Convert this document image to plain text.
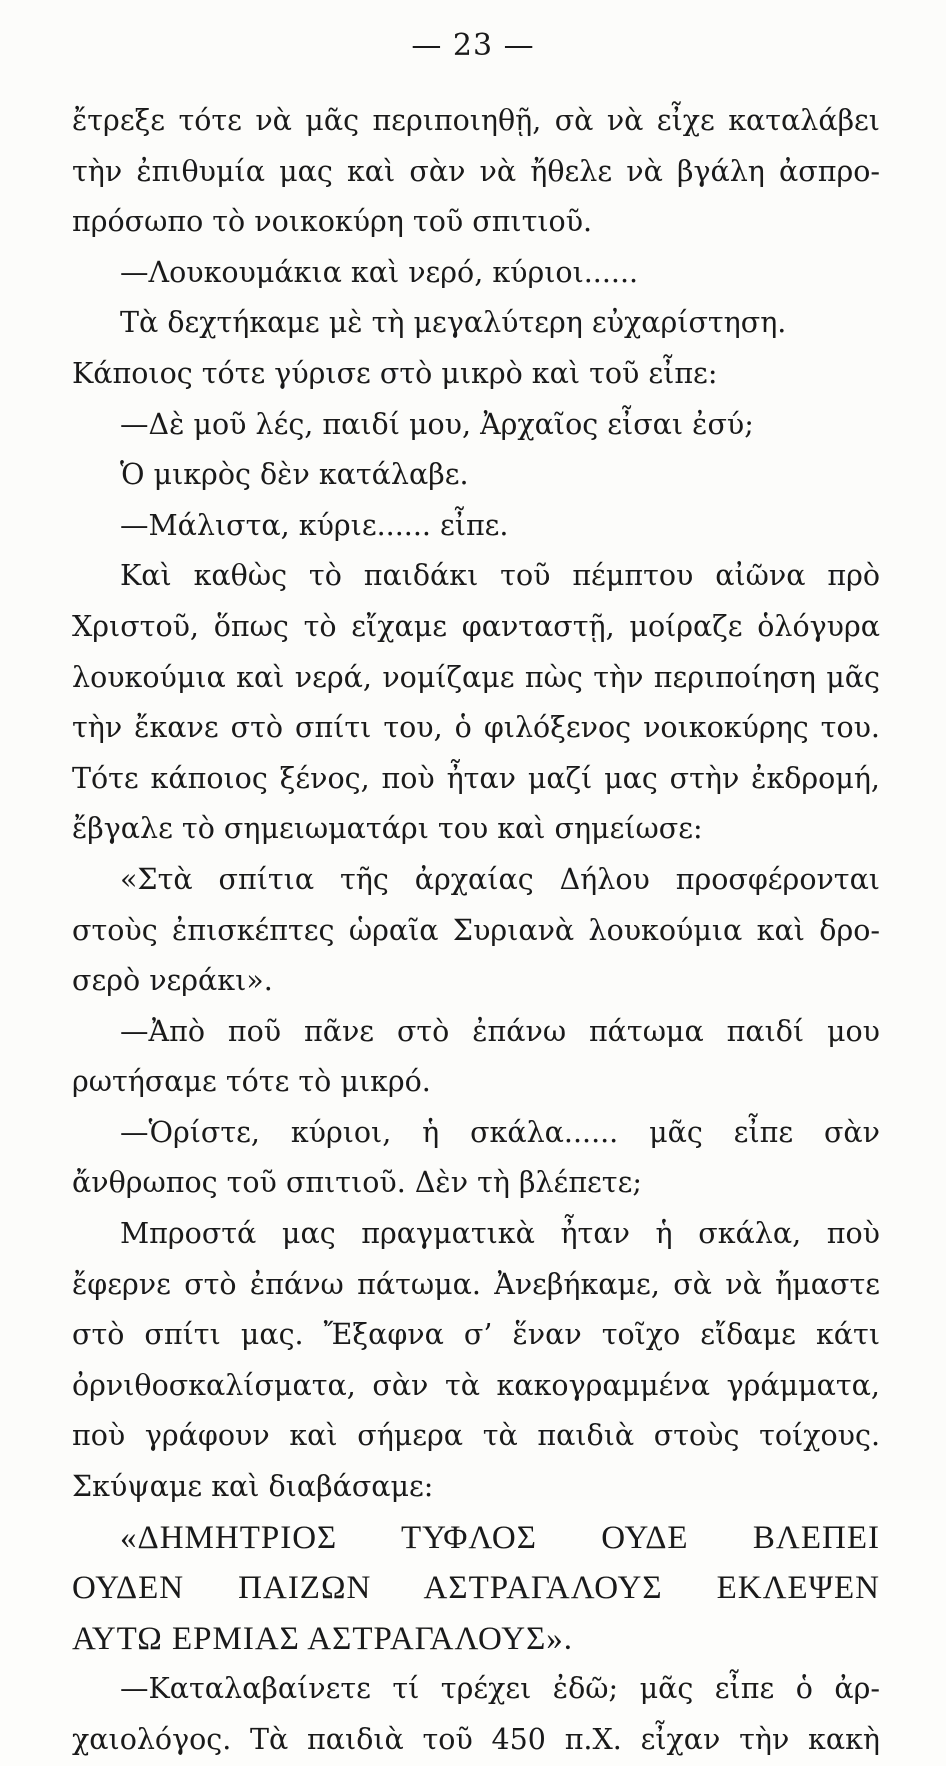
— 23 —
ἔτρεξε τότε νὰ μᾶς περιποιηθῇ, σὰ νὰ εἶχε καταλάβει
τὴν ἐπιθυμία μας καὶ σὰν νὰ ἤθελε νὰ βγάλη ἀσπρο-
πρόσωπο τὸ νοικοκύρη τοῦ σπιτιοῦ.
—Λουκουμάκια καὶ νερό, κύριοι......
Τὰ δεχτήκαμε μὲ τὴ μεγαλύτερη εὐχαρίστηση.
Κάποιος τότε γύρισε στὸ μικρὸ καὶ τοῦ εἶπε:
—Δὲ μοῦ λές, παιδί μου, Ἀρχαῖος εἶσαι ἐσύ;
Ὁ μικρὸς δὲν κατάλαβε.
—Μάλιστα, κύριε...... εἶπε.
Καὶ καθὼς τὸ παιδάκι τοῦ πέμπτου αἰῶνα πρὸ
Χριστοῦ, ὅπως τὸ εἴχαμε φανταστῇ, μοίραζε ὁλόγυρα
λουκούμια καὶ νερά, νομίζαμε πὼς τὴν περιποίηση μᾶς
τὴν ἔκανε στὸ σπίτι του, ὁ φιλόξενος νοικοκύρης του.
Τότε κάποιος ξένος, ποὺ ἦταν μαζί μας στὴν ἐκδρομή,
ἔβγαλε τὸ σημειωματάρι του καὶ σημείωσε:
«Στὰ σπίτια τῆς ἀρχαίας Δήλου προσφέρονται
στοὺς ἐπισκέπτες ὡραῖα Συριανὰ λουκούμια καὶ δρο-
σερὸ νεράκι».
—Ἀπὸ ποῦ πᾶνε στὸ ἐπάνω πάτωμα παιδί μου
ρωτήσαμε τότε τὸ μικρό.
—Ὁρίστε, κύριοι, ἡ σκάλα...... μᾶς εἶπε σὰν
ἄνθρωπος τοῦ σπιτιοῦ. Δὲν τὴ βλέπετε;
Μπροστά μας πραγματικὰ ἦταν ἡ σκάλα, ποὺ
ἔφερνε στὸ ἐπάνω πάτωμα. Ἀνεβήκαμε, σὰ νὰ ἤμαστε
στὸ σπίτι μας. Ἔξαφνα σ’ ἕναν τοῖχο εἴδαμε κάτι
ὀρνιθοσκαλίσματα, σὰν τὰ κακογραμμένα γράμματα,
ποὺ γράφουν καὶ σήμερα τὰ παιδιὰ στοὺς τοίχους.
Σκύψαμε καὶ διαβάσαμε:
«ΔΗΜΗΤΡΙΟΣ ΤΥΦΛΟΣ ΟΥΔΕ ΒΛΕΠΕΙ
ΟΥΔΕΝ ΠΑΙΖΩΝ ΑΣΤΡΑΓΑΛΟΥΣ ΕΚΛΕΨΕΝ
ΑΥΤΩ ΕΡΜΙΑΣ ΑΣΤΡΑΓΑΛΟΥΣ».
—Καταλαβαίνετε τί τρέχει ἐδῶ; μᾶς εἶπε ὁ ἀρ-
χαιολόγος. Τὰ παιδιὰ τοῦ 450 π.Χ. εἶχαν τὴν κακὴ
